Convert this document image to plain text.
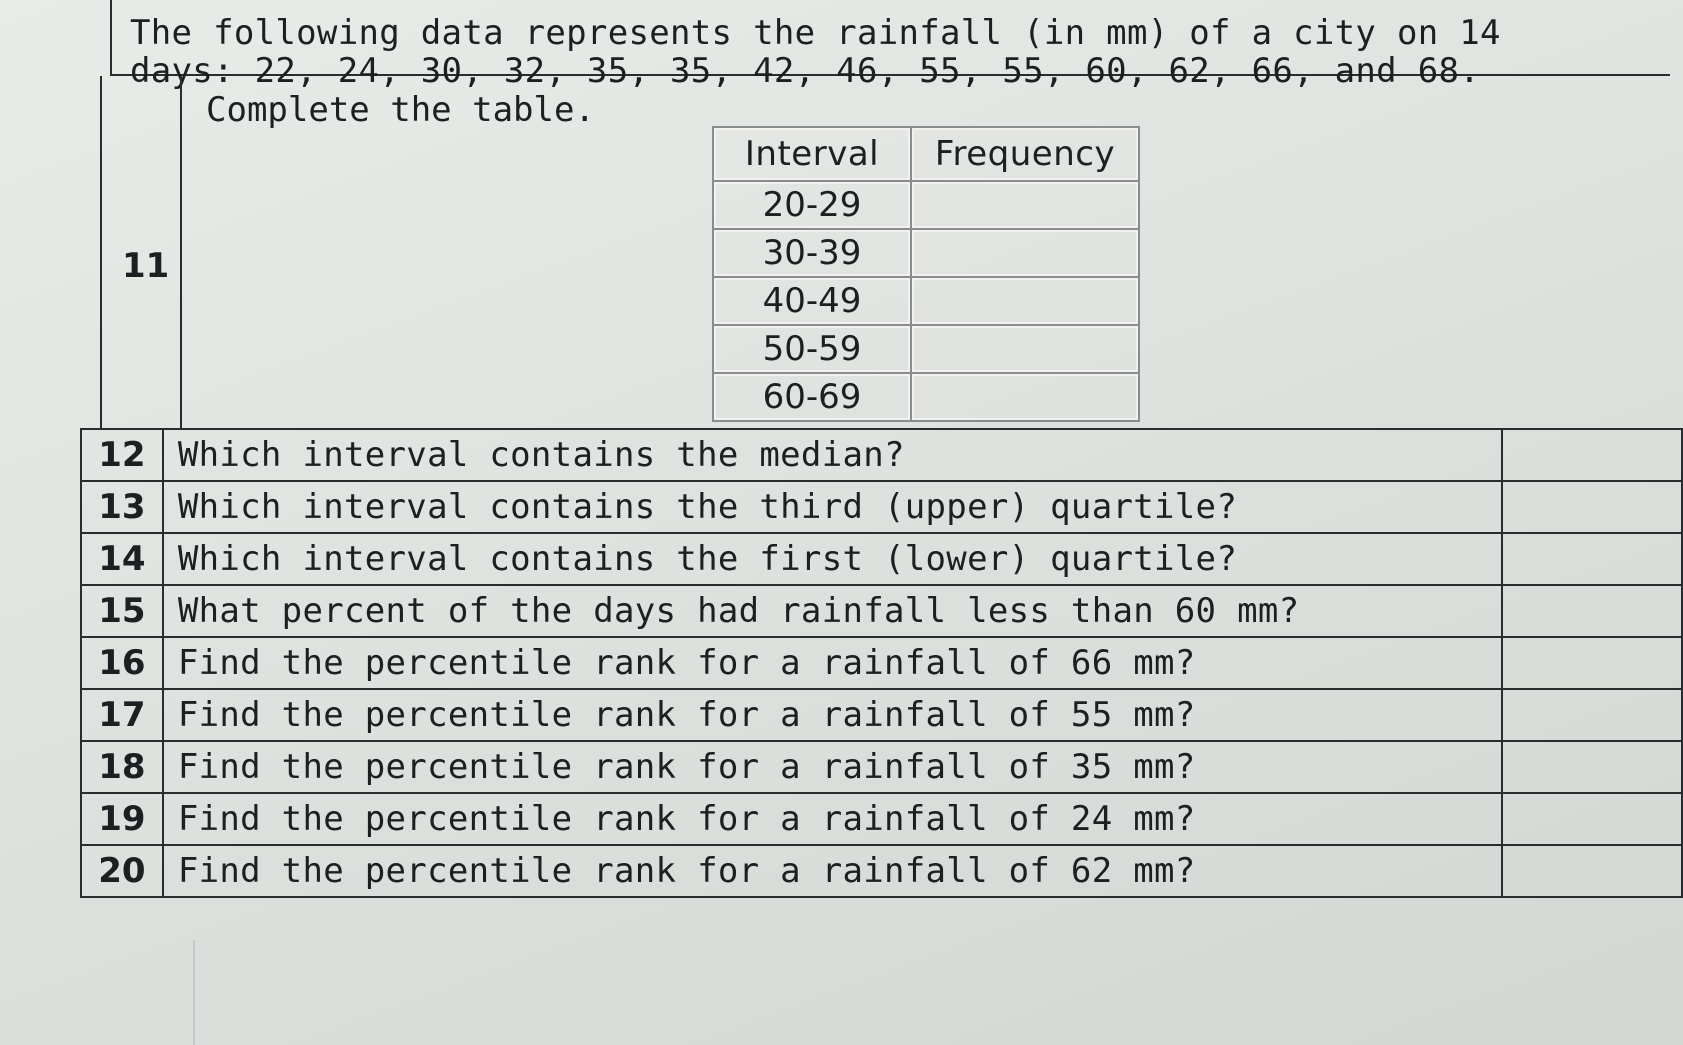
The following data represents the rainfall (in mm) of a city on 14
days: 22, 24, 30, 32, 35, 35, 42, 46, 55, 55, 60, 62, 66, and 68.
11
Complete the table.
Interval	Frequency
20-29	
30-39	
40-49	
50-59	
60-69	
12	Which interval contains the median?	
13	Which interval contains the third (upper) quartile?	
14	Which interval contains the first (lower) quartile?	
15	What percent of the days had rainfall less than 60 mm?	
16	Find the percentile rank for a rainfall of 66 mm?	
17	Find the percentile rank for a rainfall of 55 mm?	
18	Find the percentile rank for a rainfall of 35 mm?	
19	Find the percentile rank for a rainfall of 24 mm?	
20	Find the percentile rank for a rainfall of 62 mm?	
